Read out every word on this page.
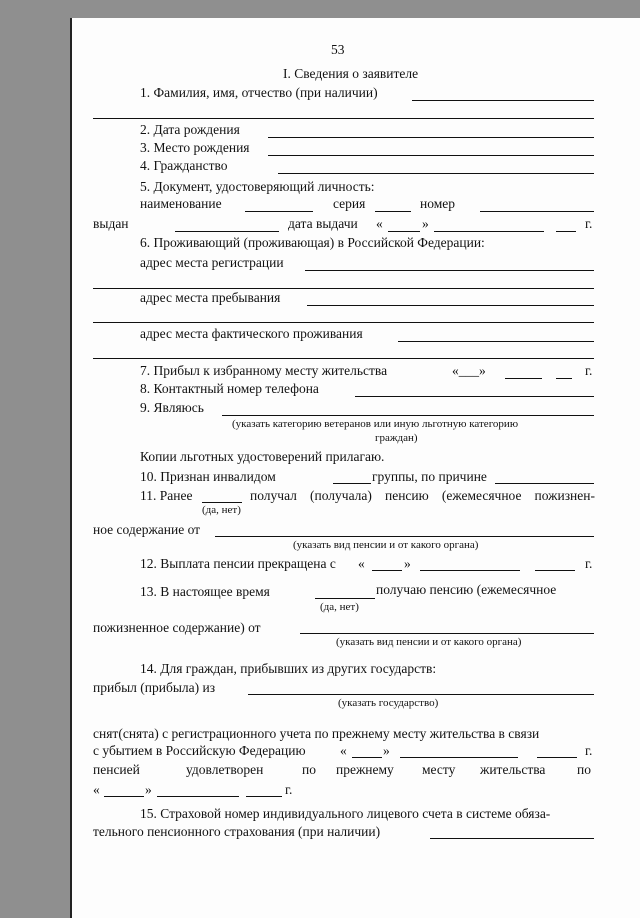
53
I. Сведения о заявителе
1. Фамилия, имя, отчество (при наличии)
2. Дата рождения
3. Место рождения
4. Гражданство
5. Документ, удостоверяющий личность:
наименование	серия	номер
выдан	дата выдачи «	»	г.
6. Проживающий (проживающая) в Российской Федерации:
адрес места регистрации
адрес места пребывания
адрес места фактического проживания
7. Прибыл к избранному месту жительства	«___»	г.
8. Контактный номер телефона
9. Являюсь
(указать категорию ветеранов или иную льготную категорию
граждан)
Копии льготных удостоверений прилагаю.
10. Признан инвалидом	группы, по причине
11. Ранее	получал (получала) пенсию (ежемесячное пожизнен-
(да, нет)
ное содержание от
(указать вид пенсии и от какого органа)
12. Выплата пенсии прекращена с «	»	г.
13. В настоящее время	получаю пенсию (ежемесячное
(да, нет)
пожизненное содержание) от
(указать вид пенсии и от какого органа)
14. Для граждан, прибывших из других государств:
прибыл (прибыла) из
(указать государство)
снят(снята) с регистрационного учета по прежнему месту жительства в связи
с убытием в Российскую Федерацию	«	»	г.
пенсией	удовлетворен	по прежнему месту жительства по
«	»	г.
15. Страховой номер индивидуального лицевого счета в системе обяза-
тельного пенсионного страхования (при наличии)
